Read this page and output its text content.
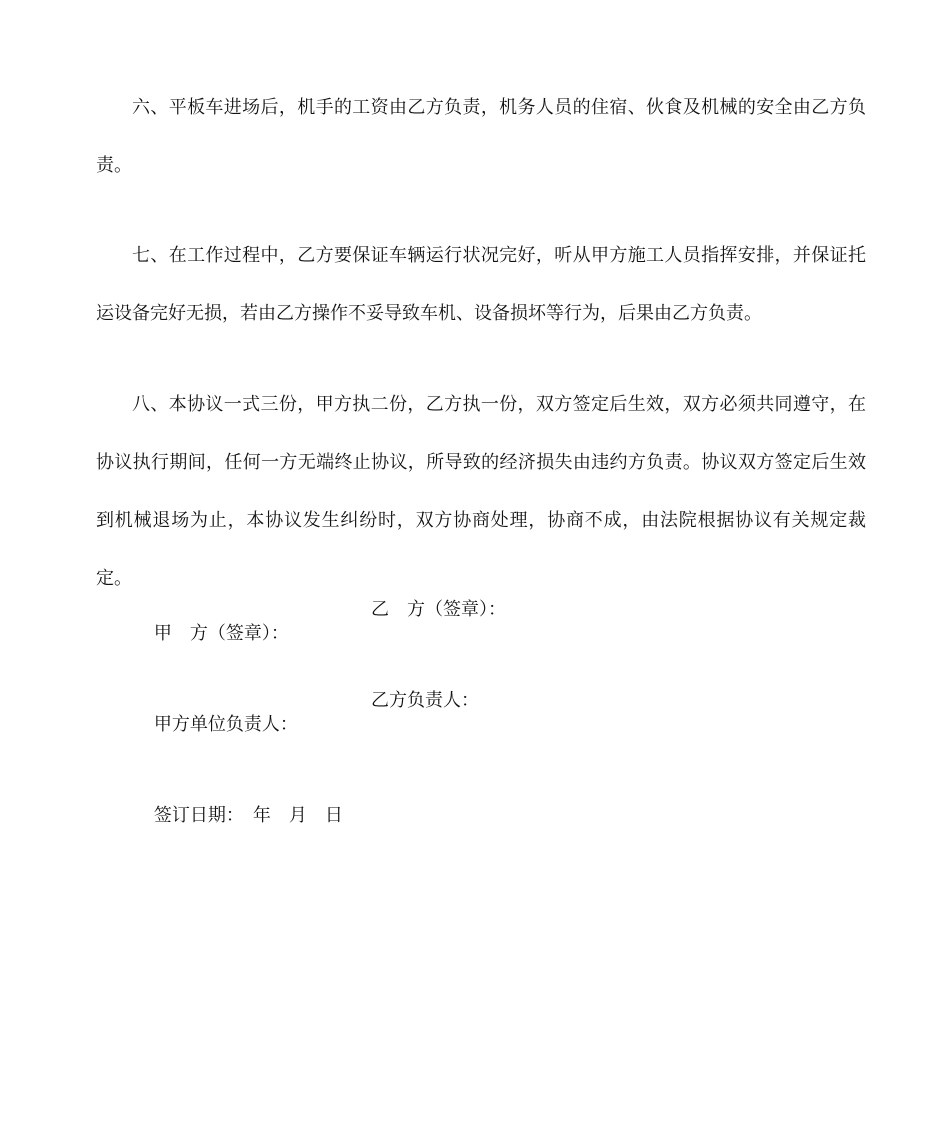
六、平板车进场后，机手的工资由乙方负责，机务人员的住宿、伙食及机械的安全由乙方负责。

七、在工作过程中，乙方要保证车辆运行状况完好，听从甲方施工人员指挥安排，并保证托运设备完好无损，若由乙方操作不妥导致车机、设备损坏等行为，后果由乙方负责。

八、本协议一式三份，甲方执二份，乙方执一份，双方签定后生效，双方必须共同遵守，在协议执行期间，任何一方无端终止协议，所导致的经济损失由违约方负责。协议双方签定后生效到机械退场为止，本协议发生纠纷时，双方协商处理，协商不成，由法院根据协议有关规定裁定。

甲　方（签章）：

乙　方（签章）：

甲方单位负责人：

乙方负责人：

签订日期：　年　月　日
